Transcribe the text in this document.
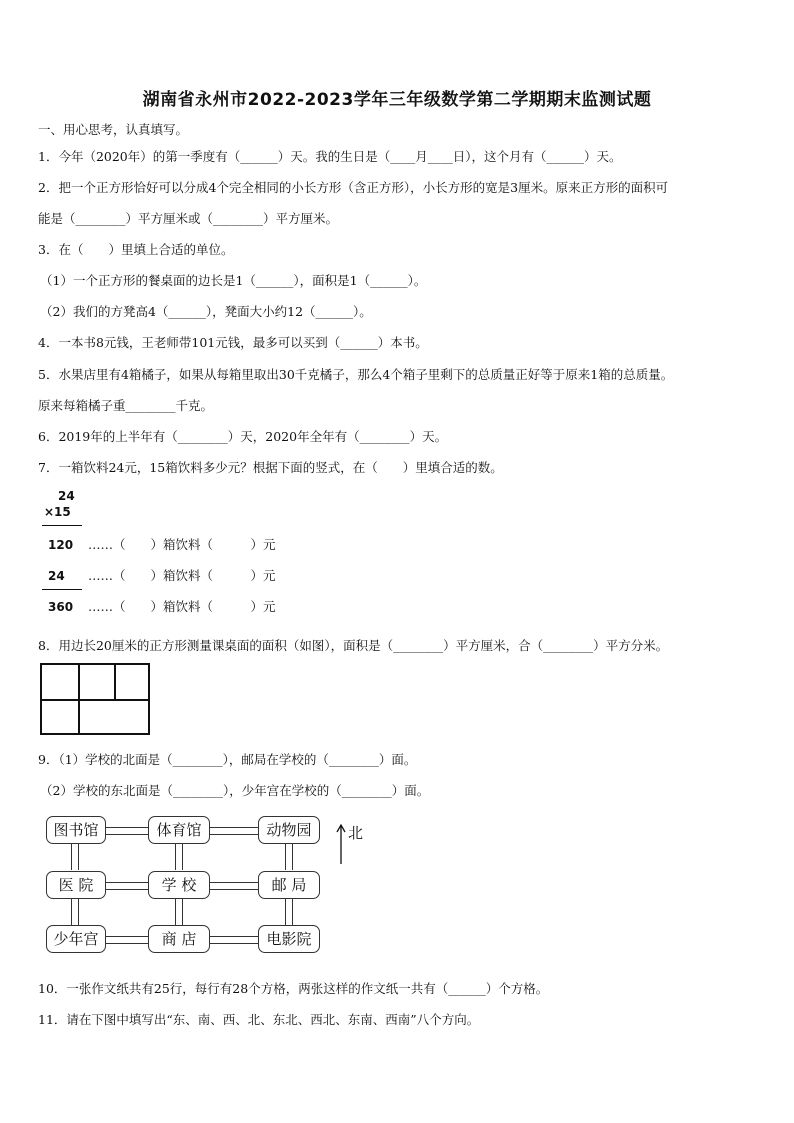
湖南省永州市2022-2023学年三年级数学第二学期期末监测试题
一、用心思考，认真填写。
1．今年（2020年）的第一季度有（______）天。我的生日是（____月____日），这个月有（______）天。
2．把一个正方形恰好可以分成4个完全相同的小长方形（含正方形），小长方形的宽是3厘米。原来正方形的面积可
能是（________）平方厘米或（________）平方厘米。
3．在（　　）里填上合适的单位。
（1）一个正方形的餐桌面的边长是1（______），面积是1（______）。
（2）我们的方凳高4（______），凳面大小约12（______）。
4．一本书8元钱，王老师带101元钱，最多可以买到（______）本书。
5．水果店里有4箱橘子，如果从每箱里取出30千克橘子，那么4个箱子里剩下的总质量正好等于原来1箱的总质量。
原来每箱橘子重________千克。
6．2019年的上半年有（________）天，2020年全年有（________）天。
7．一箱饮料24元，15箱饮料多少元？根据下面的竖式，在（　　）里填合适的数。
24
×15
120 ……（　　）箱饮料（　　　）元
24 ……（　　）箱饮料（　　　）元
360 ……（　　）箱饮料（　　　）元
8．用边长20厘米的正方形测量课桌面的面积（如图），面积是（________）平方厘米，合（________）平方分米。
9．（1）学校的北面是（________），邮局在学校的（________）面。
（2）学校的东北面是（________），少年宫在学校的（________）面。
图书馆	体育馆	动物园
医 院	学 校	邮 局
少年宫	商 店	电影院
北
10．一张作文纸共有25行，每行有28个方格，两张这样的作文纸一共有（______）个方格。
11．请在下图中填写出“东、南、西、北、东北、西北、东南、西南”八个方向。
